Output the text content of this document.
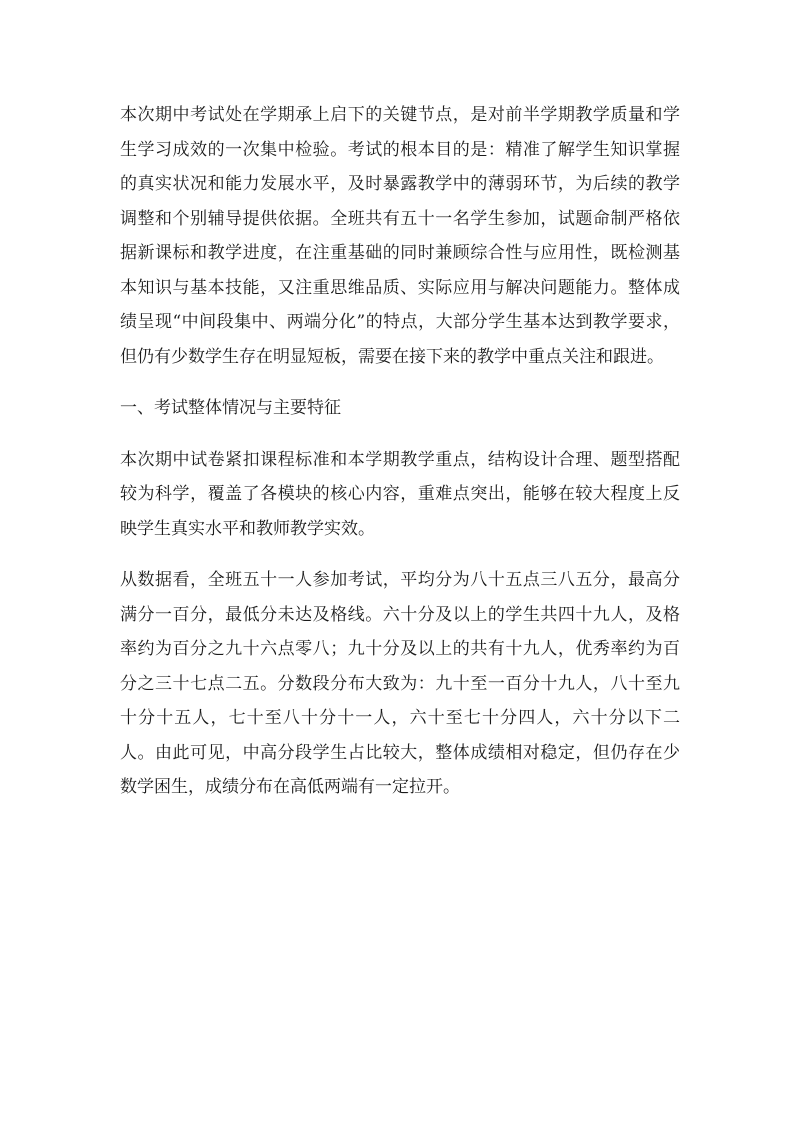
本次期中考试处在学期承上启下的关键节点，是对前半学期教学质量和学生学习成效的一次集中检验。考试的根本目的是：精准了解学生知识掌握的真实状况和能力发展水平，及时暴露教学中的薄弱环节，为后续的教学调整和个别辅导提供依据。全班共有五十一名学生参加，试题命制严格依据新课标和教学进度，在注重基础的同时兼顾综合性与应用性，既检测基本知识与基本技能，又注重思维品质、实际应用与解决问题能力。整体成绩呈现“中间段集中、两端分化”的特点，大部分学生基本达到教学要求，但仍有少数学生存在明显短板，需要在接下来的教学中重点关注和跟进。

一、考试整体情况与主要特征

本次期中试卷紧扣课程标准和本学期教学重点，结构设计合理、题型搭配较为科学，覆盖了各模块的核心内容，重难点突出，能够在较大程度上反映学生真实水平和教师教学实效。

从数据看，全班五十一人参加考试，平均分为八十五点三八五分，最高分满分一百分，最低分未达及格线。六十分及以上的学生共四十九人，及格率约为百分之九十六点零八；九十分及以上的共有十九人，优秀率约为百分之三十七点二五。分数段分布大致为：九十至一百分十九人，八十至九十分十五人，七十至八十分十一人，六十至七十分四人，六十分以下二人。由此可见，中高分段学生占比较大，整体成绩相对稳定，但仍存在少数学困生，成绩分布在高低两端有一定拉开。
